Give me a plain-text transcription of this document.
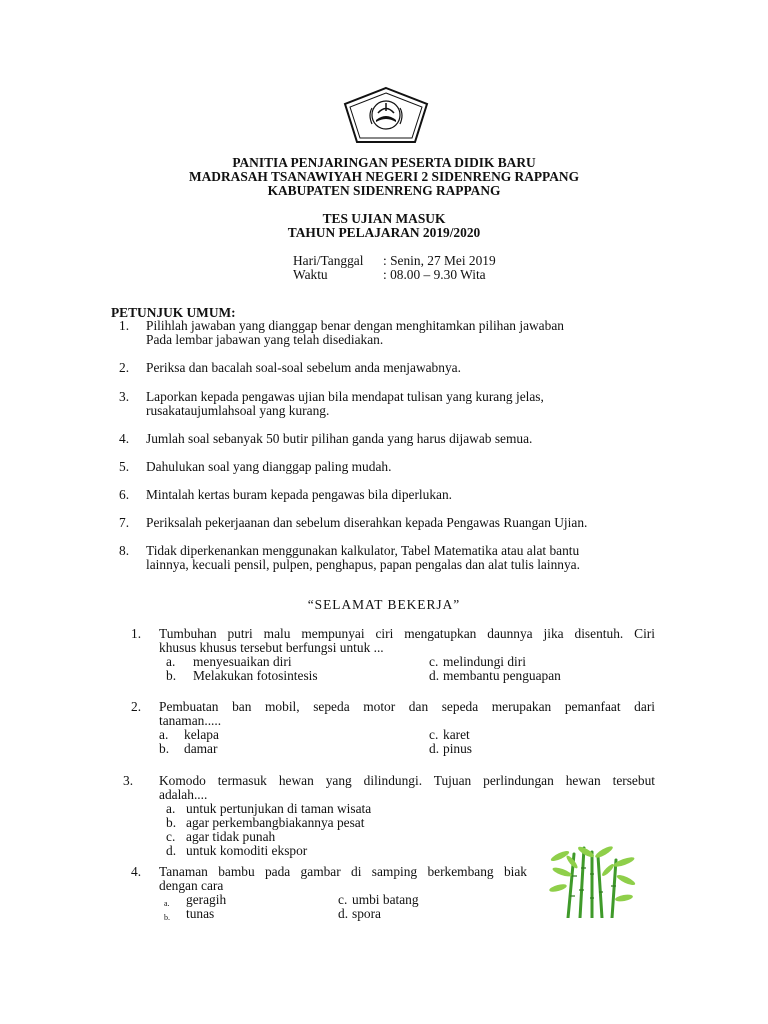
PANITIA PENJARINGAN PESERTA DIDIK BARU
MADRASAH TSANAWIYAH NEGERI 2 SIDENRENG RAPPANG
KABUPATEN SIDENRENG RAPPANG
TES UJIAN MASUK
TAHUN PELAJARAN 2019/2020
Hari/Tanggal : Senin, 27 Mei 2019
Waktu	: 08.00 – 9.30 Wita
PETUNJUK UMUM:
1. Pilihlah jawaban yang dianggap benar dengan menghitamkan pilihan jawaban
Pada lembar jabawan yang telah disediakan.
2. Periksa dan bacalah soal-soal sebelum anda menjawabnya.
3. Laporkan kepada pengawas ujian bila mendapat tulisan yang kurang jelas,
rusakataujumlahsoal yang kurang.
4. Jumlah soal sebanyak 50 butir pilihan ganda yang harus dijawab semua.
5. Dahulukan soal yang dianggap paling mudah.
6. Mintalah kertas buram kepada pengawas bila diperlukan.
7. Periksalah pekerjaanan dan sebelum diserahkan kepada Pengawas Ruangan Ujian.
8. Tidak diperkenankan menggunakan kalkulator, Tabel Matematika atau alat bantu
lainnya, kecuali pensil, pulpen, penghapus, papan pengalas dan alat tulis lainnya.
“SELAMAT BEKERJA”
1. Tumbuhan putri malu mempunyai ciri mengatupkan daunnya jika disentuh. Ciri
khusus khusus tersebut berfungsi untuk ...
a. menyesuaikan diri	c. melindungi diri
b. Melakukan fotosintesis	d. membantu penguapan
2. Pembuatan ban mobil, sepeda motor dan sepeda merupakan pemanfaat dari
tanaman.....
a. kelapa	c. karet
b. damar	d. pinus
3. Komodo termasuk hewan yang dilindungi. Tujuan perlindungan hewan tersebut
adalah....
a. untuk pertunjukan di taman wisata
b. agar perkembangbiakannya pesat
c. agar tidak punah
d. untuk komoditi ekspor
4. Tanaman bambu pada gambar di samping berkembang biak
dengan cara
a. geragih	c. umbi batang
b. tunas	d. spora
